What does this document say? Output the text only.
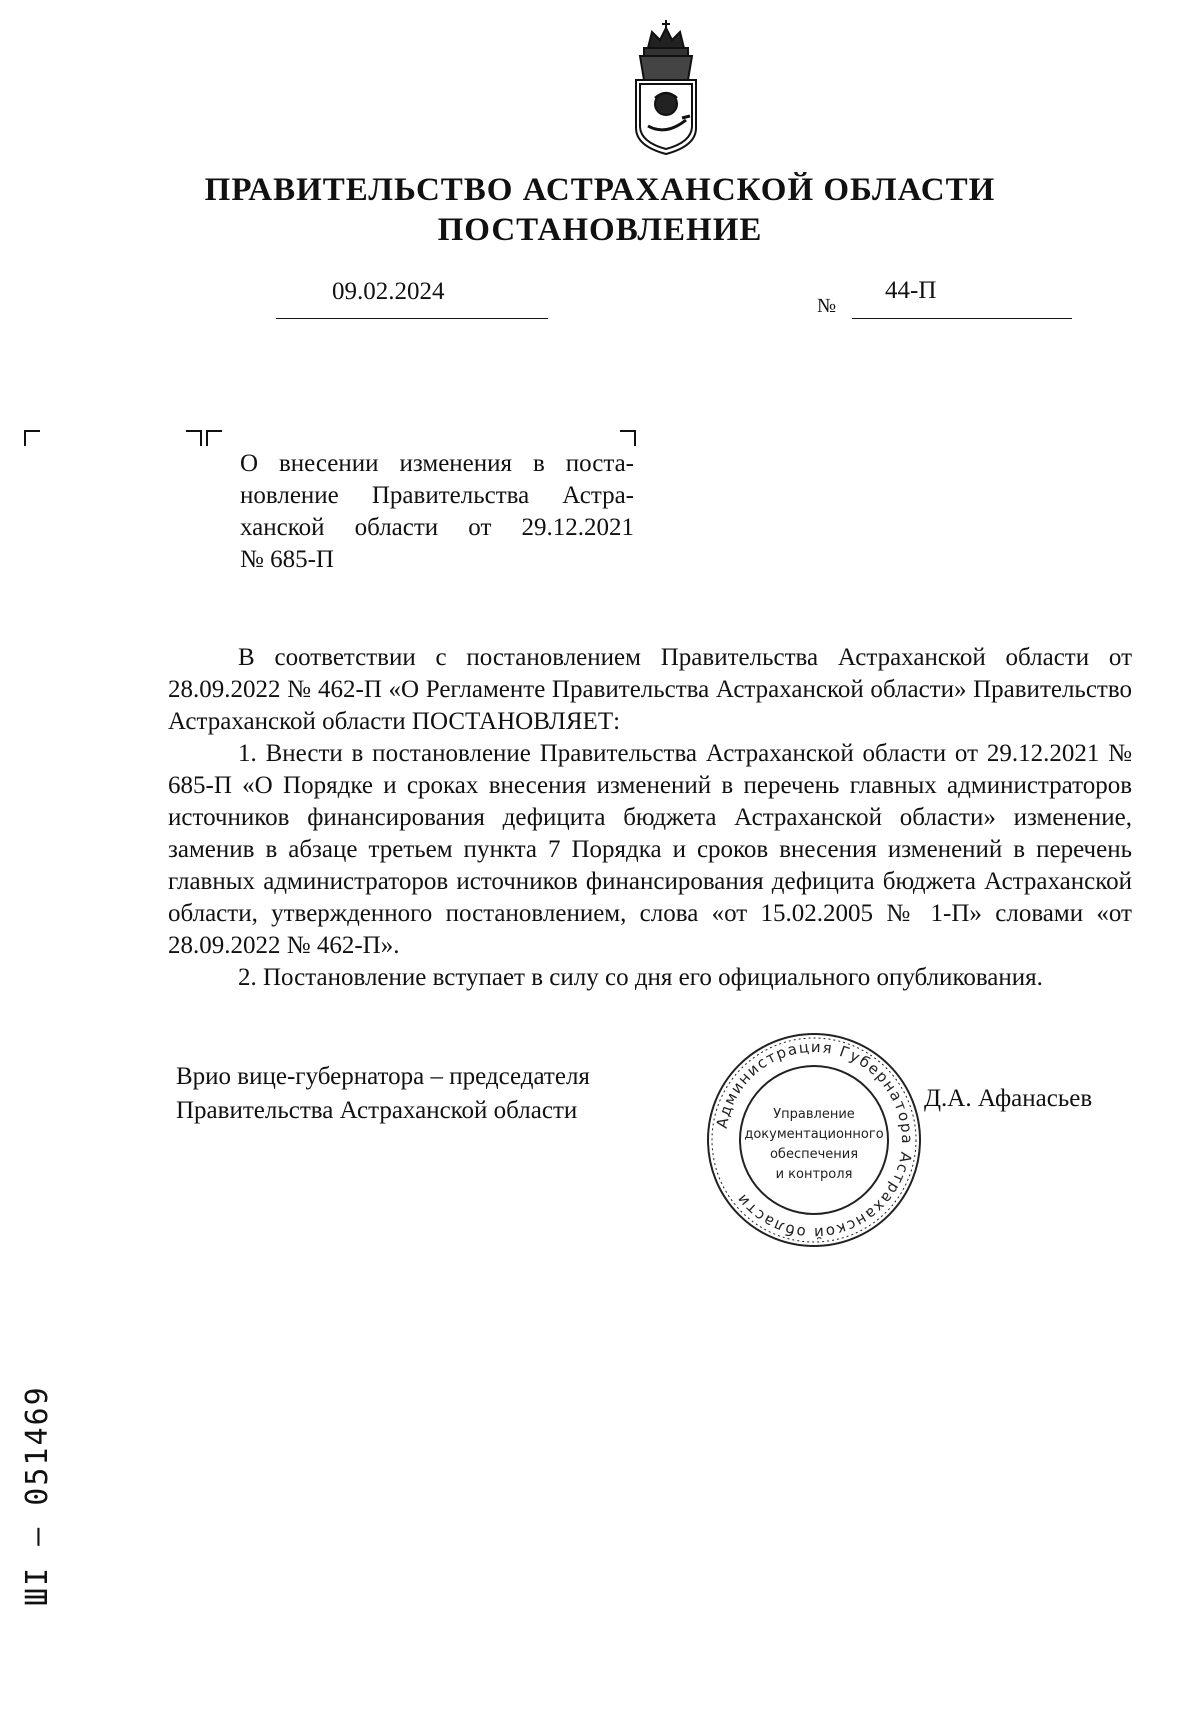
ПРАВИТЕЛЬСТВО АСТРАХАНСКОЙ ОБЛАСТИ
ПОСТАНОВЛЕНИЕ
09.02.2024
№
44-П
О внесении изменения в поста-
новление Правительства Астра-
ханской области от 29.12.2021
№ 685-П

В соответствии с постановлением Правительства Астраханской области от 28.09.2022 № 462-П «О Регламенте Правительства Астраханской области» Правительство Астраханской области ПОСТАНОВЛЯЕТ:

1. Внести в постановление Правительства Астраханской области от 29.12.2021 № 685-П «О Порядке и сроках внесения изменений в перечень главных администраторов источников финансирования дефицита бюджета Астраханской области» изменение, заменив в абзаце третьем пункта 7 Порядка и сроков внесения изменений в перечень главных администраторов источников финансирования дефицита бюджета Астраханской области, утвержденного постановлением, слова «от 15.02.2005 № 1-П» словами «от 28.09.2022 № 462-П».

2. Постановление вступает в силу со дня его официального опубликования.

Врио вице-губернатора – председателя
Правительства Астраханской области	Д.А. Афанасьев
Администрация Губернатора Астраханской области
Управление
документационного
обеспечения
и контроля
ШI – 051469
